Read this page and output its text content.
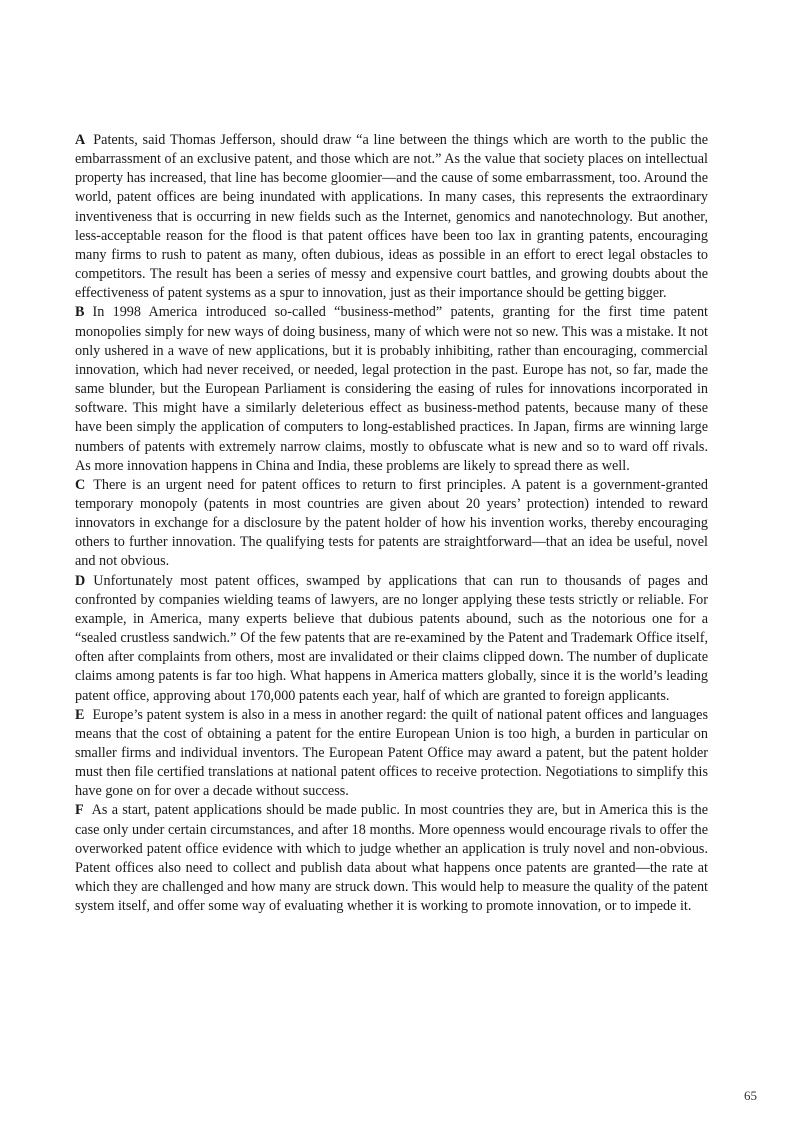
A Patents, said Thomas Jefferson, should draw “a line between the things which are worth to the public the embarrassment of an exclusive patent, and those which are not.” As the value that society places on intellectual property has increased, that line has become gloomier—and the cause of some embarrassment, too. Around the world, patent offices are being inundated with applications. In many cases, this represents the extraordinary inventiveness that is occurring in new fields such as the Internet, genomics and nanotechnology. But another, less-acceptable reason for the flood is that patent offices have been too lax in granting patents, encouraging many firms to rush to patent as many, often dubious, ideas as possible in an effort to erect legal obstacles to competitors. The result has been a series of messy and expensive court battles, and growing doubts about the effectiveness of patent systems as a spur to innovation, just as their importance should be getting bigger.

B In 1998 America introduced so-called “business-method” patents, granting for the first time patent monopolies simply for new ways of doing business, many of which were not so new. This was a mistake. It not only ushered in a wave of new applications, but it is probably inhibiting, rather than encouraging, commercial innovation, which had never received, or needed, legal protection in the past. Europe has not, so far, made the same blunder, but the European Parliament is considering the easing of rules for innovations incorporated in software. This might have a similarly deleterious effect as business-method patents, because many of these have been simply the application of computers to long-established practices. In Japan, firms are winning large numbers of patents with extremely narrow claims, mostly to obfuscate what is new and so to ward off rivals. As more innovation happens in China and India, these problems are likely to spread there as well.

C There is an urgent need for patent offices to return to first principles. A patent is a government-granted temporary monopoly (patents in most countries are given about 20 years’ protection) intended to reward innovators in exchange for a disclosure by the patent holder of how his invention works, thereby encouraging others to further innovation. The qualifying tests for patents are straightforward—that an idea be useful, novel and not obvious.

D Unfortunately most patent offices, swamped by applications that can run to thousands of pages and confronted by companies wielding teams of lawyers, are no longer applying these tests strictly or reliable. For example, in America, many experts believe that dubious patents abound, such as the notorious one for a “sealed crustless sandwich.” Of the few patents that are re-examined by the Patent and Trademark Office itself, often after complaints from others, most are invalidated or their claims clipped down. The number of duplicate claims among patents is far too high. What happens in America matters globally, since it is the world’s leading patent office, approving about 170,000 patents each year, half of which are granted to foreign applicants.

E Europe’s patent system is also in a mess in another regard: the quilt of national patent offices and languages means that the cost of obtaining a patent for the entire European Union is too high, a burden in particular on smaller firms and individual inventors. The European Patent Office may award a patent, but the patent holder must then file certified translations at national patent offices to receive protection. Negotiations to simplify this have gone on for over a decade without success.

F As a start, patent applications should be made public. In most countries they are, but in America this is the case only under certain circumstances, and after 18 months. More openness would encourage rivals to offer the overworked patent office evidence with which to judge whether an application is truly novel and non-obvious. Patent offices also need to collect and publish data about what happens once patents are granted—the rate at which they are challenged and how many are struck down. This would help to measure the quality of the patent system itself, and offer some way of evaluating whether it is working to promote innovation, or to impede it.

65
